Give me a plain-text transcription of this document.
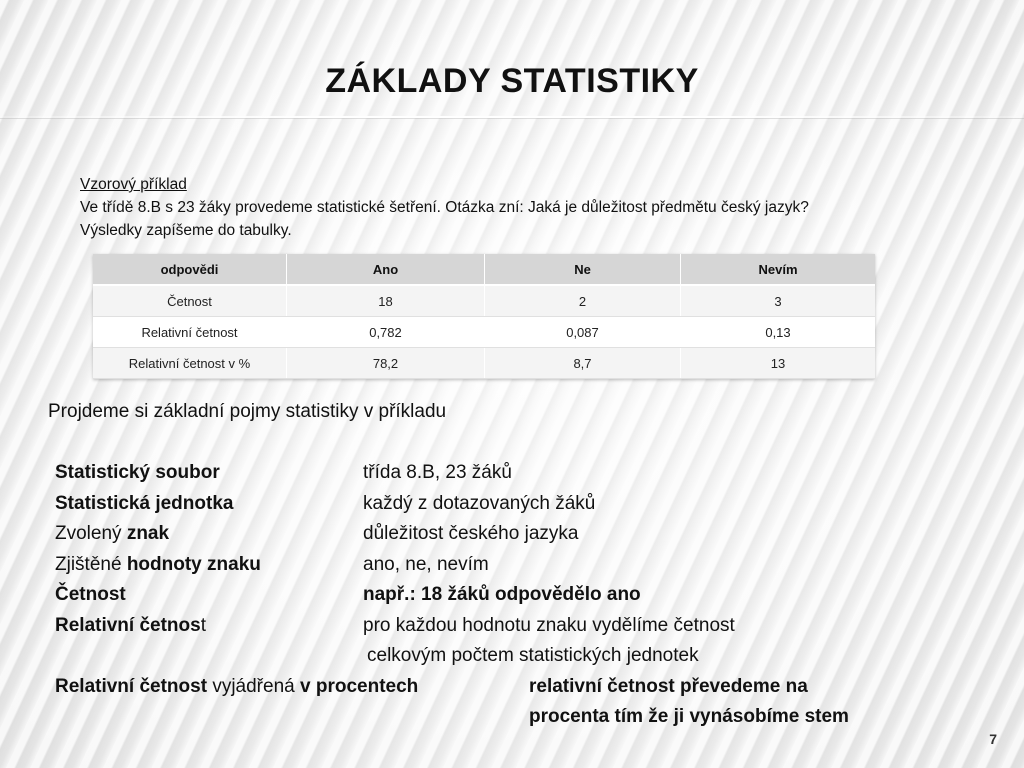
ZÁKLADY STATISTIKY
Vzorový příklad
Ve třídě 8.B s 23 žáky provedeme statistické šetření. Otázka zní: Jaká je důležitost předmětu český jazyk?
Výsledky zapíšeme do tabulky.
odpovědi	Ano	Ne	Nevím
Četnost	18	2	3
Relativní četnost	0,782	0,087	0,13
Relativní četnost v %	78,2	8,7	13
Projdeme si základní pojmy statistiky v příkladu
Statistický soubor	třída 8.B, 23 žáků
Statistická jednotka	každý z dotazovaných žáků
Zvolený znak	důležitost českého jazyka
Zjištěné hodnoty znaku	ano, ne, nevím
Četnost	např.: 18 žáků odpovědělo ano
Relativní četnost	pro každou hodnotu znaku vydělíme četnost
celkovým počtem statistických jednotek
Relativní četnost vyjádřená v procentech	relativní četnost převedeme na
procenta tím že ji vynásobíme stem
7
